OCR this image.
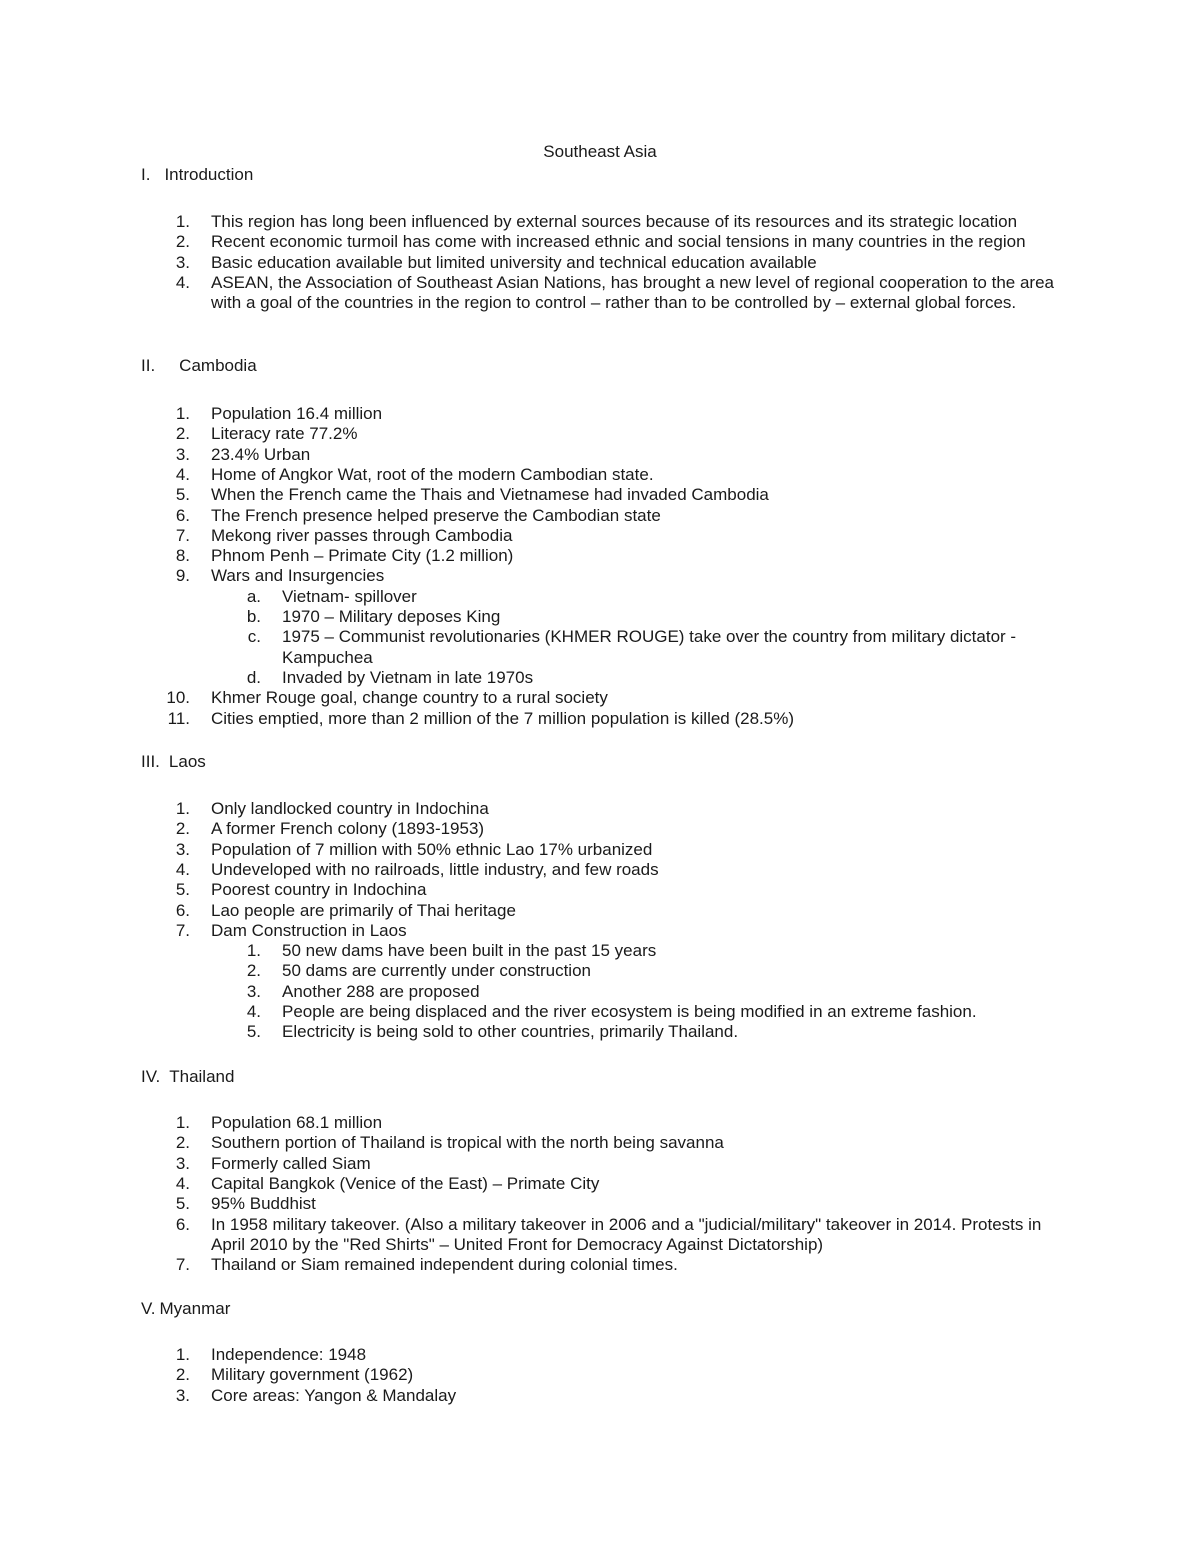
Southeast Asia
I. Introduction
1. This region has long been influenced by external sources because of its resources and its strategic location
2. Recent economic turmoil has come with increased ethnic and social tensions in many countries in the region
3. Basic education available but limited university and technical education available
4. ASEAN, the Association of Southeast Asian Nations, has brought a new level of regional cooperation to the area with a goal of the countries in the region to control – rather than to be controlled by – external global forces.
II. Cambodia
1. Population 16.4 million
2. Literacy rate 77.2%
3. 23.4% Urban
4. Home of Angkor Wat, root of the modern Cambodian state.
5. When the French came the Thais and Vietnamese had invaded Cambodia
6. The French presence helped preserve the Cambodian state
7. Mekong river passes through Cambodia
8. Phnom Penh – Primate City (1.2 million)
9. Wars and Insurgencies
a. Vietnam- spillover
b. 1970 – Military deposes King
c. 1975 – Communist revolutionaries (KHMER ROUGE) take over the country from military dictator - Kampuchea
d. Invaded by Vietnam in late 1970s
10. Khmer Rouge goal, change country to a rural society
11. Cities emptied, more than 2 million of the 7 million population is killed (28.5%)
III. Laos
1. Only landlocked country in Indochina
2. A former French colony (1893-1953)
3. Population of 7 million with 50% ethnic Lao 17% urbanized
4. Undeveloped with no railroads, little industry, and few roads
5. Poorest country in Indochina
6. Lao people are primarily of Thai heritage
7. Dam Construction in Laos
1. 50 new dams have been built in the past 15 years
2. 50 dams are currently under construction
3. Another 288 are proposed
4. People are being displaced and the river ecosystem is being modified in an extreme fashion.
5. Electricity is being sold to other countries, primarily Thailand.
IV. Thailand
1. Population 68.1 million
2. Southern portion of Thailand is tropical with the north being savanna
3. Formerly called Siam
4. Capital Bangkok (Venice of the East) – Primate City
5. 95% Buddhist
6. In 1958 military takeover. (Also a military takeover in 2006 and a "judicial/military" takeover in 2014. Protests in April 2010 by the "Red Shirts" – United Front for Democracy Against Dictatorship)
7. Thailand or Siam remained independent during colonial times.
V. Myanmar
1. Independence: 1948
2. Military government (1962)
3. Core areas: Yangon & Mandalay
